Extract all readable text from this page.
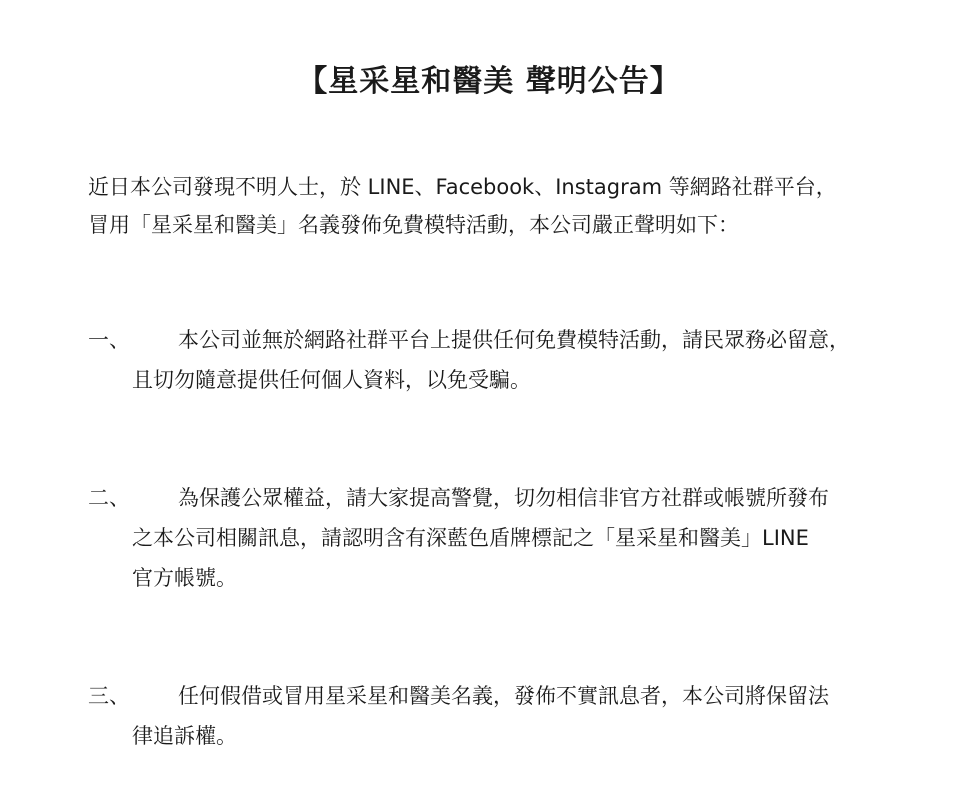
【星采星和醫美 聲明公告】
近日本公司發現不明人士，於 LINE、Facebook、Instagram 等網路社群平台，
冒用「星采星和醫美」名義發佈免費模特活動，本公司嚴正聲明如下：
一、 本公司並無於網路社群平台上提供任何免費模特活動，請民眾務必留意，
且切勿隨意提供任何個人資料，以免受騙。
二、 為保護公眾權益，請大家提高警覺，切勿相信非官方社群或帳號所發布
之本公司相關訊息，請認明含有深藍色盾牌標記之「星采星和醫美」LINE
官方帳號。
三、 任何假借或冒用星采星和醫美名義，發佈不實訊息者，本公司將保留法
律追訴權。
